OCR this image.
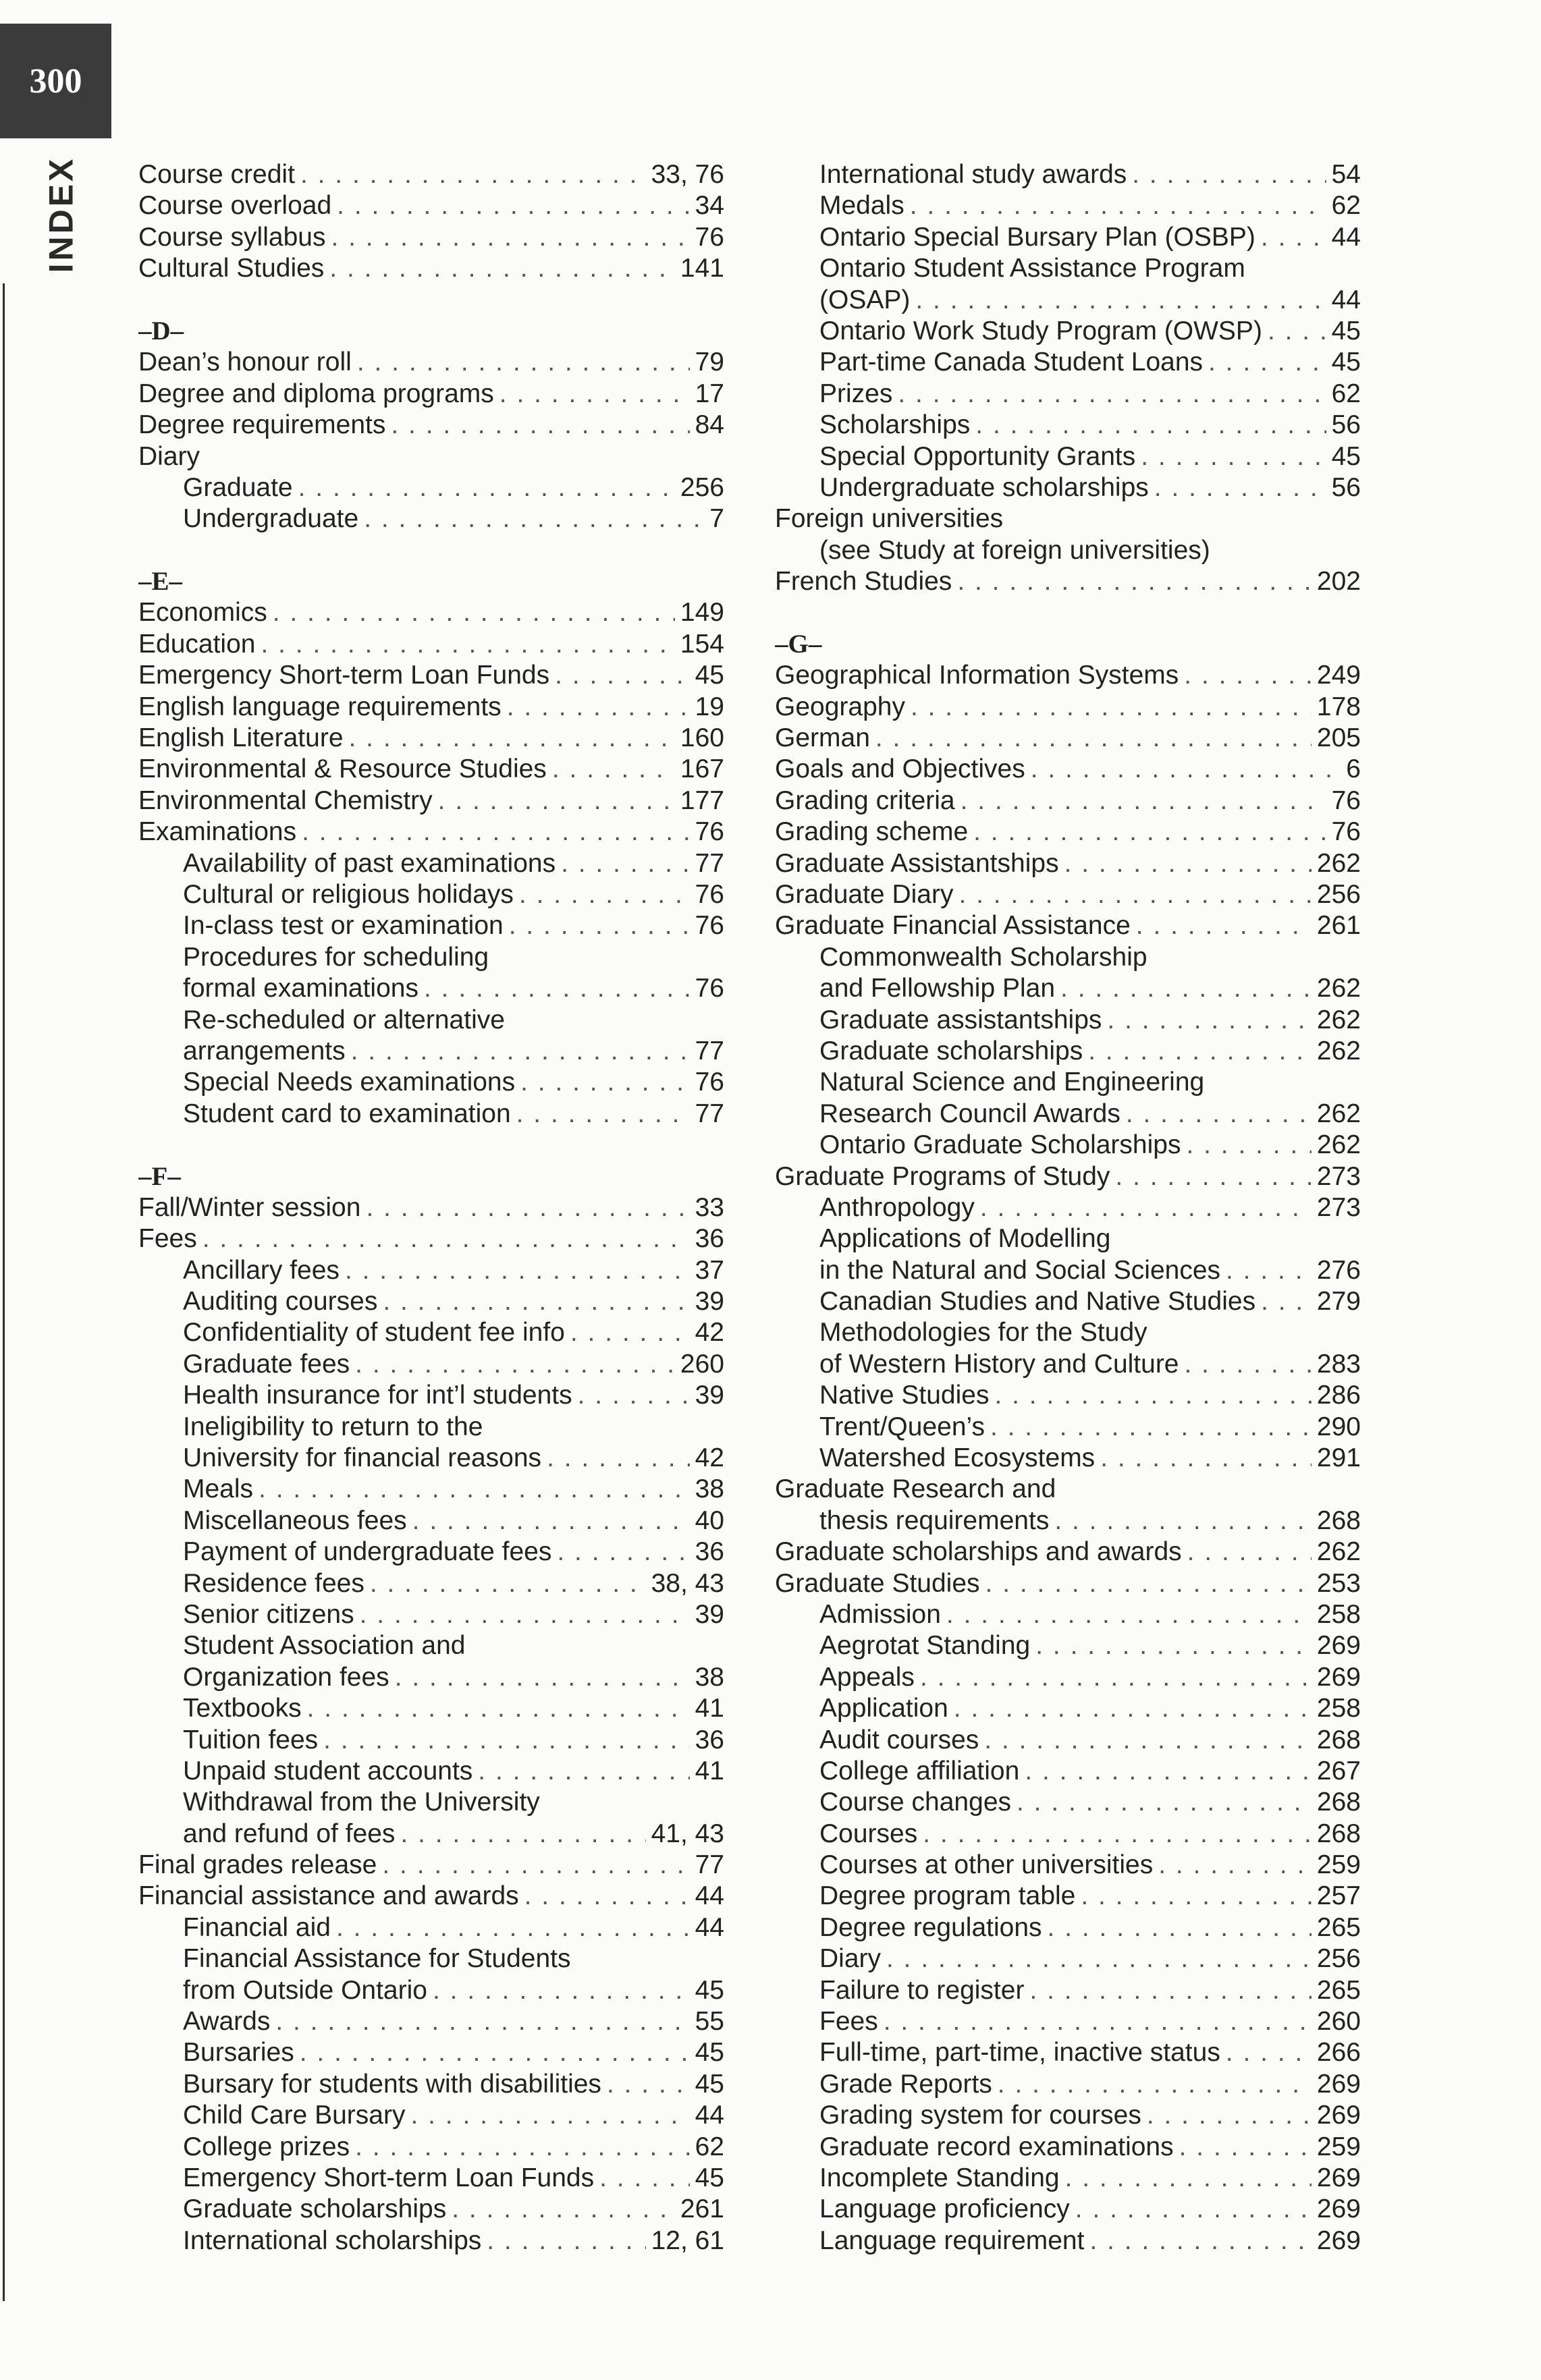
300
INDEX Course credit . . .	33, 76
Course overload . . .	34
Course syllabus . . .	76
Cultural Studies . . .	141
–D–
Dean’s honour roll . . .	79
Degree and diploma programs . . .	17
Degree requirements . . .	84
Diary
Graduate . . .	256
Undergraduate . . .	7
–E–
Economics . . .	149
Education . . .	154
Emergency Short-term Loan Funds . . .	45
English language requirements . . .	19
English Literature . . .	160
Environmental & Resource Studies . . .	167
Environmental Chemistry . . .	177
Examinations . . .	76
Availability of past examinations . . .	77
Cultural or religious holidays . . .	76
In-class test or examination . . .	76
Procedures for scheduling
formal examinations . . .	76
Re-scheduled or alternative
arrangements . . .	77
Special Needs examinations . . .	76
Student card to examination . . .	77
–F–
Fall/Winter session . . .	33
Fees . . .	36
Ancillary fees . . .	37
Auditing courses . . .	39
Confidentiality of student fee info . . .	42
Graduate fees . . .	260
Health insurance for int’l students . . .	39
Ineligibility to return to the
University for financial reasons . . .	42
Meals . . .	38
Miscellaneous fees . . .	40
Payment of undergraduate fees . . .	36
Residence fees . . .	38, 43
Senior citizens . . .	39
Student Association and
Organization fees . . .	38
Textbooks . . .	41
Tuition fees . . .	36
Unpaid student accounts . . .	41
Withdrawal from the University
and refund of fees . . .	41, 43
Final grades release . . .	77
Financial assistance and awards . . .	44
Financial aid . . .	44
Financial Assistance for Students
from Outside Ontario . . .	45
Awards . . .	55
Bursaries . . .	45
Bursary for students with disabilities . . .	45
Child Care Bursary . . .	44
College prizes . . .	62
Emergency Short-term Loan Funds . . .	45
Graduate scholarships . . .	261
International scholarships . . .	12, 61
International study awards . . .	54
Medals . . .	62
Ontario Special Bursary Plan (OSBP) . . .	44
Ontario Student Assistance Program
(OSAP) . . .	44
Ontario Work Study Program (OWSP) . . .	45
Part-time Canada Student Loans . . .	45
Prizes . . .	62
Scholarships . . .	56
Special Opportunity Grants . . .	45
Undergraduate scholarships . . .	56
Foreign universities
(see Study at foreign universities)
French Studies . . .	202
–G–
Geographical Information Systems . . .	249
Geography . . .	178
German . . .	205
Goals and Objectives . . .	6
Grading criteria . . .	76
Grading scheme . . .	76
Graduate Assistantships . . .	262
Graduate Diary . . .	256
Graduate Financial Assistance . . .	261
Commonwealth Scholarship
and Fellowship Plan . . .	262
Graduate assistantships . . .	262
Graduate scholarships . . .	262
Natural Science and Engineering
Research Council Awards . . .	262
Ontario Graduate Scholarships . . .	262
Graduate Programs of Study . . .	273
Anthropology . . .	273
Applications of Modelling
in the Natural and Social Sciences . . .	276
Canadian Studies and Native Studies . . . 279
Methodologies for the Study
of Western History and Culture . . .	283
Native Studies . . .	286
Trent/Queen’s . . .	290
Watershed Ecosystems . . .	291
Graduate Research and
thesis requirements . . .	268
Graduate scholarships and awards . . .	262
Graduate Studies . . .	253
Admission . . .	258
Aegrotat Standing . . .	269
Appeals . . .	269
Application . . .	258
Audit courses . . .	268
College affiliation . . .	267
Course changes . . .	268
Courses . . .	268
Courses at other universities . . .	259
Degree program table . . .	257
Degree regulations . . .	265
Diary . . .	256
Failure to register . . .	265
Fees . . .	260
Full-time, part-time, inactive status . . .	266
Grade Reports . . .	269
Grading system for courses . . .	269
Graduate record examinations . . .	259
Incomplete Standing . . .	269
Language proficiency . . .	269
Language requirement . . .	269
